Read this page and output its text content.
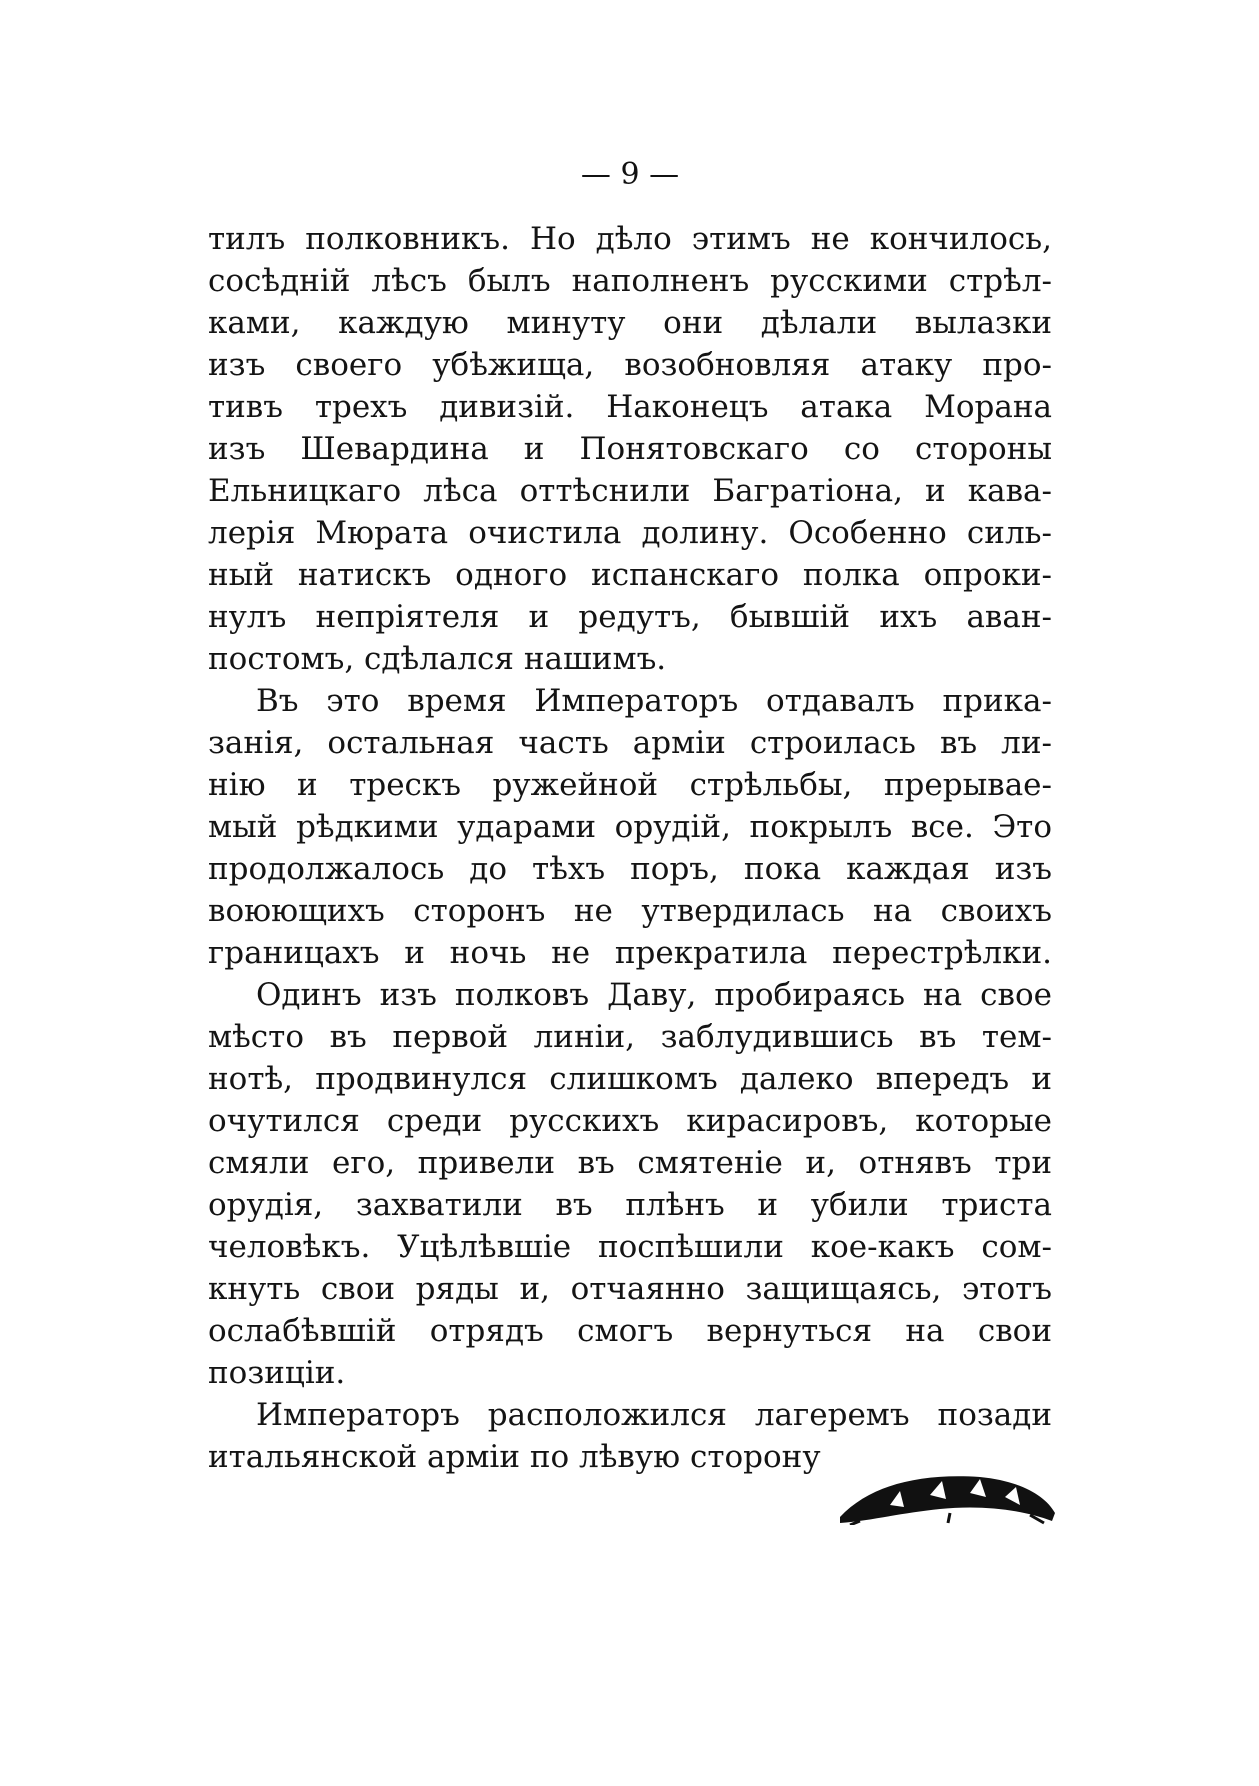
— 9 —
тилъ полковникъ. Но дѣло этимъ не кончилось,
сосѣднiй лѣсъ былъ наполненъ русскими стрѣл-
ками, каждую минуту они дѣлали вылазки
изъ своего убѣжища, возобновляя атаку про-
тивъ трехъ дивизiй. Наконецъ атака Морана
изъ Шевардина и Понятовскаго со стороны
Ельницкаго лѣса оттѣснили Багратiона, и кава-
лерiя Мюрата очистила долину. Особенно силь-
ный натискъ одного испанскаго полка опроки-
нулъ непрiятеля и редутъ, бывшiй ихъ аван-
постомъ, сдѣлался нашимъ.
Въ это время Императоръ отдавалъ прика-
занiя, остальная часть армiи строилась въ ли-
нiю и трескъ ружейной стрѣльбы, прерывае-
мый рѣдкими ударами орудiй, покрылъ все. Это
продолжалось до тѣхъ поръ, пока каждая изъ
воюющихъ сторонъ не утвердилась на своихъ
границахъ и ночь не прекратила перестрѣлки.
Одинъ изъ полковъ Даву, пробираясь на свое
мѣсто въ первой линiи, заблудившись въ тем-
нотѣ, продвинулся слишкомъ далеко впередъ и
очутился среди русскихъ кирасировъ, которые
смяли его, привели въ смятенiе и, отнявъ три
орудiя, захватили въ плѣнъ и убили триста
человѣкъ. Уцѣлѣвшiе поспѣшили кое-какъ сом-
кнуть свои ряды и, отчаянно защищаясь, этотъ
ослабѣвшiй отрядъ смогъ вернуться на свои
позицiи.
Императоръ расположился лагеремъ позади
итальянской армiи по лѣвую сторону
